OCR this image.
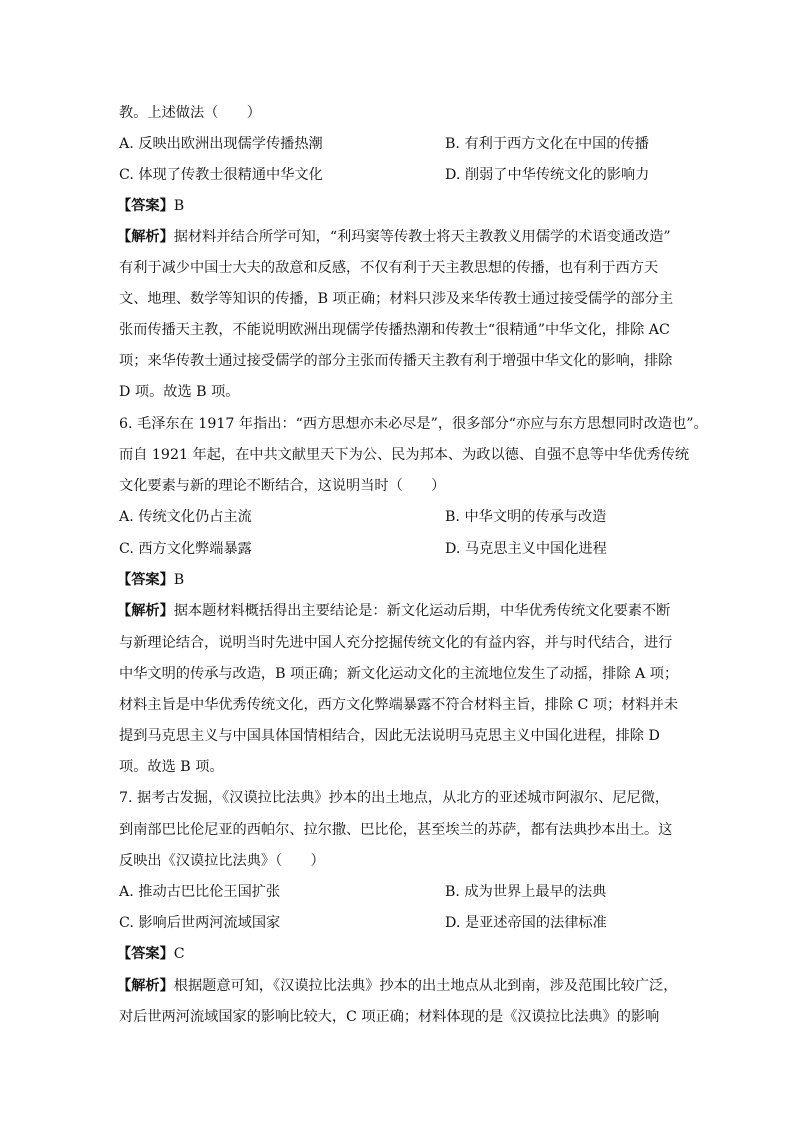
教。上述做法（　　）

A. 反映出欧洲出现儒学传播热潮	B. 有利于西方文化在中国的传播
C. 体现了传教士很精通中华文化	D. 削弱了中华传统文化的影响力

【答案】B

【解析】据材料并结合所学可知，“利玛窦等传教士将天主教教义用儒学的术语变通改造”

有利于减少中国士大夫的敌意和反感，不仅有利于天主教思想的传播，也有利于西方天

文、地理、数学等知识的传播，B 项正确；材料只涉及来华传教士通过接受儒学的部分主

张而传播天主教，不能说明欧洲出现儒学传播热潮和传教士“很精通”中华文化，排除 AC

项；来华传教士通过接受儒学的部分主张而传播天主教有利于增强中华文化的影响，排除

D 项。故选 B 项。

6. 毛泽东在 1917 年指出：“西方思想亦未必尽是”，很多部分“亦应与东方思想同时改造也”。

而自 1921 年起，在中共文献里天下为公、民为邦本、为政以德、自强不息等中华优秀传统

文化要素与新的理论不断结合，这说明当时（　　）

A. 传统文化仍占主流	B. 中华文明的传承与改造
C. 西方文化弊端暴露	D. 马克思主义中国化进程

【答案】B

【解析】据本题材料概括得出主要结论是：新文化运动后期，中华优秀传统文化要素不断

与新理论结合，说明当时先进中国人充分挖掘传统文化的有益内容，并与时代结合，进行

中华文明的传承与改造，B 项正确；新文化运动文化的主流地位发生了动摇，排除 A 项；

材料主旨是中华优秀传统文化，西方文化弊端暴露不符合材料主旨，排除 C 项；材料并未

提到马克思主义与中国具体国情相结合，因此无法说明马克思主义中国化进程，排除 D

项。故选 B 项。

7. 据考古发掘，《汉谟拉比法典》抄本的出土地点，从北方的亚述城市阿淑尔、尼尼微，

到南部巴比伦尼亚的西帕尔、拉尔撒、巴比伦，甚至埃兰的苏萨，都有法典抄本出土。这

反映出《汉谟拉比法典》（　　）

A. 推动古巴比伦王国扩张	B. 成为世界上最早的法典
C. 影响后世两河流域国家	D. 是亚述帝国的法律标准

【答案】C

【解析】根据题意可知，《汉谟拉比法典》抄本的出土地点从北到南，涉及范围比较广泛，

对后世两河流域国家的影响比较大，C 项正确；材料体现的是《汉谟拉比法典》的影响
